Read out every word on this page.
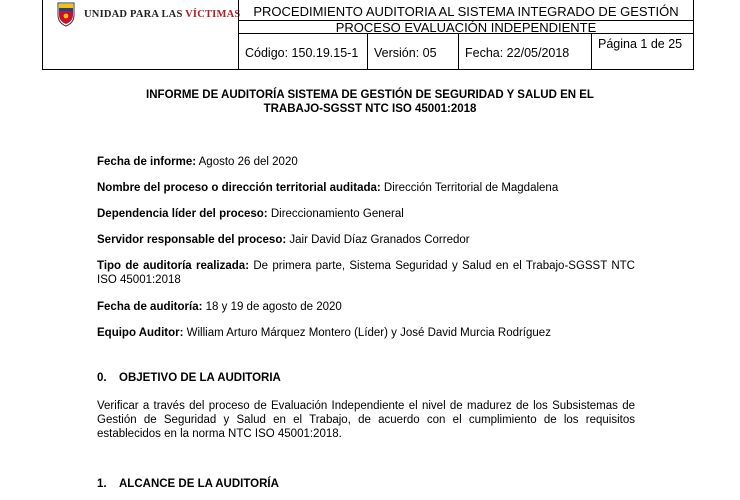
UNIDAD PARA LAS VÍCTIMAS PROCEDIMIENTO AUDITORIA AL SISTEMA INTEGRADO DE GESTIÓN
PROCESO EVALUACIÓN INDEPENDIENTE
Código: 150.19.15-1 Versión: 05 Fecha: 22/05/2018
Página 1 de 25
INFORME DE AUDITORÍA SISTEMA DE GESTIÓN DE SEGURIDAD Y SALUD EN EL
TRABAJO-SGSST NTC ISO 45001:2018
Fecha de informe: Agosto 26 del 2020
Nombre del proceso o dirección territorial auditada: Dirección Territorial de Magdalena
Dependencia líder del proceso: Direccionamiento General
Servidor responsable del proceso: Jair David Díaz Granados Corredor
Tipo de auditoría realizada: De primera parte, Sistema Seguridad y Salud en el Trabajo-SGSST NTC ISO 45001:2018
Fecha de auditoría: 18 y 19 de agosto de 2020
Equipo Auditor: William Arturo Márquez Montero (Líder) y José David Murcia Rodríguez
0. OBJETIVO DE LA AUDITORIA
Verificar a través del proceso de Evaluación Independiente el nivel de madurez de los Subsistemas de Gestión de Seguridad y Salud en el Trabajo, de acuerdo con el cumplimiento de los requisitos establecidos en la norma NTC ISO 45001:2018.
1. ALCANCE DE LA AUDITORÍA
